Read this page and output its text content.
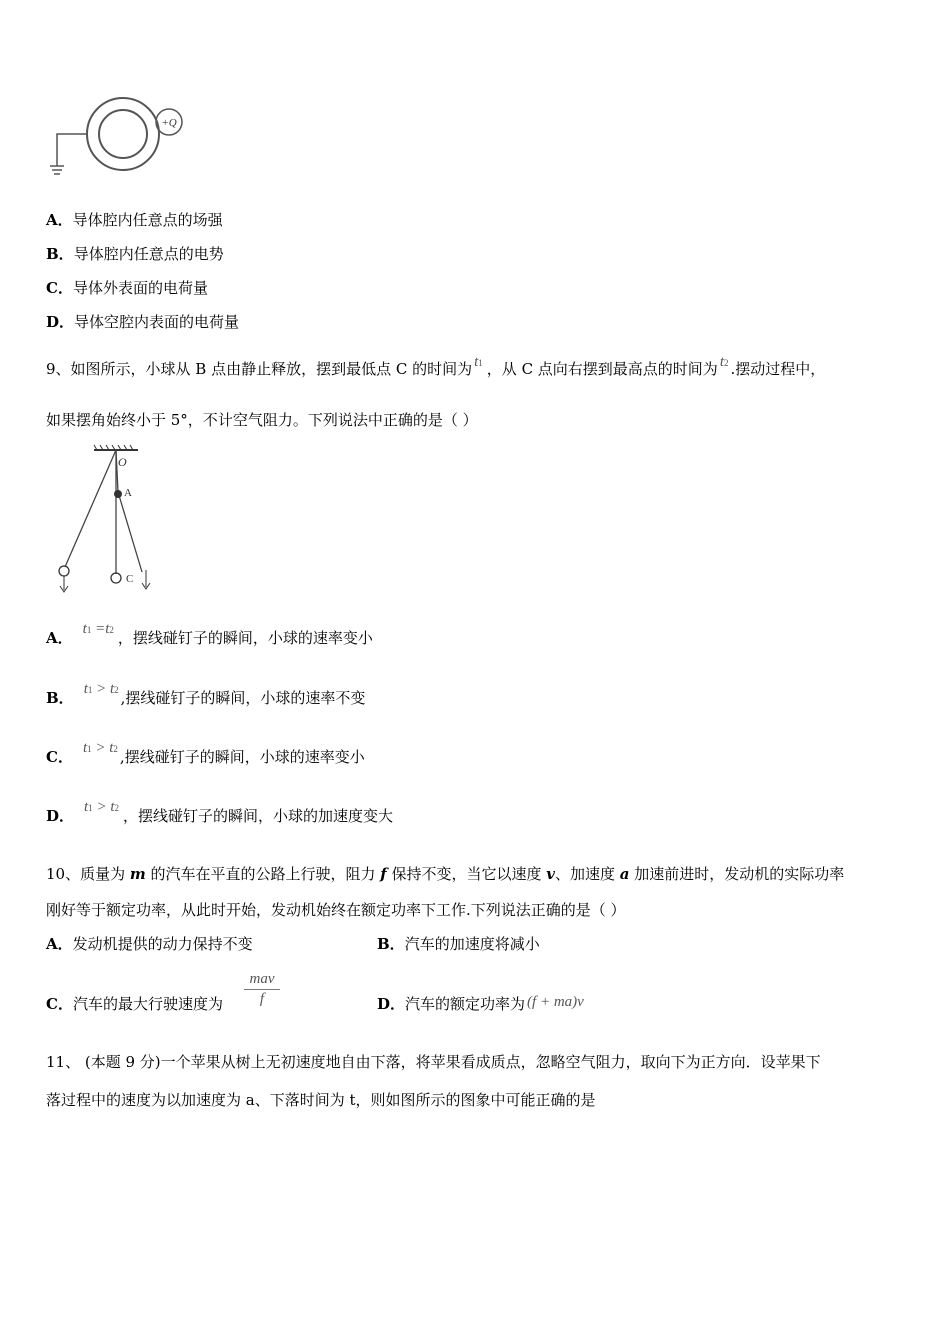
+Q
A．导体腔内任意点的场强
B．导体腔内任意点的电势
C．导体外表面的电荷量
D．导体空腔内表面的电荷量
9、如图所示，小球从 B 点由静止释放，摆到最低点 C 的时间为 t1 ，从 C 点向右摆到最高点的时间为 t2 .摆动过程中，
如果摆角始终小于 5°，不计空气阻力。下列说法中正确的是（ ）
O
A
C
A． t1 =t2 ，摆线碰钉子的瞬间，小球的速率变小
B． t1 > t2 ,摆线碰钉子的瞬间，小球的速率不变
C． t1 > t2 ,摆线碰钉子的瞬间，小球的速率变小
D． t1 > t2 ，摆线碰钉子的瞬间，小球的加速度变大
10、质量为 m 的汽车在平直的公路上行驶，阻力 f 保持不变，当它以速度 v、加速度 a 加速前进时，发动机的实际功率
刚好等于额定功率，从此时开始，发动机始终在额定功率下工作.下列说法正确的是（ ）
A．发动机提供的动力保持不变	B．汽车的加速度将减小
C．汽车的最大行驶速度为
mav
f	D．汽车的额定功率为 (f + ma)v
11、 (本题 9 分)一个苹果从树上无初速度地自由下落，将苹果看成质点，忽略空气阻力，取向下为正方向．设苹果下
落过程中的速度为以加速度为 a、下落时间为 t，则如图所示的图象中可能正确的是
